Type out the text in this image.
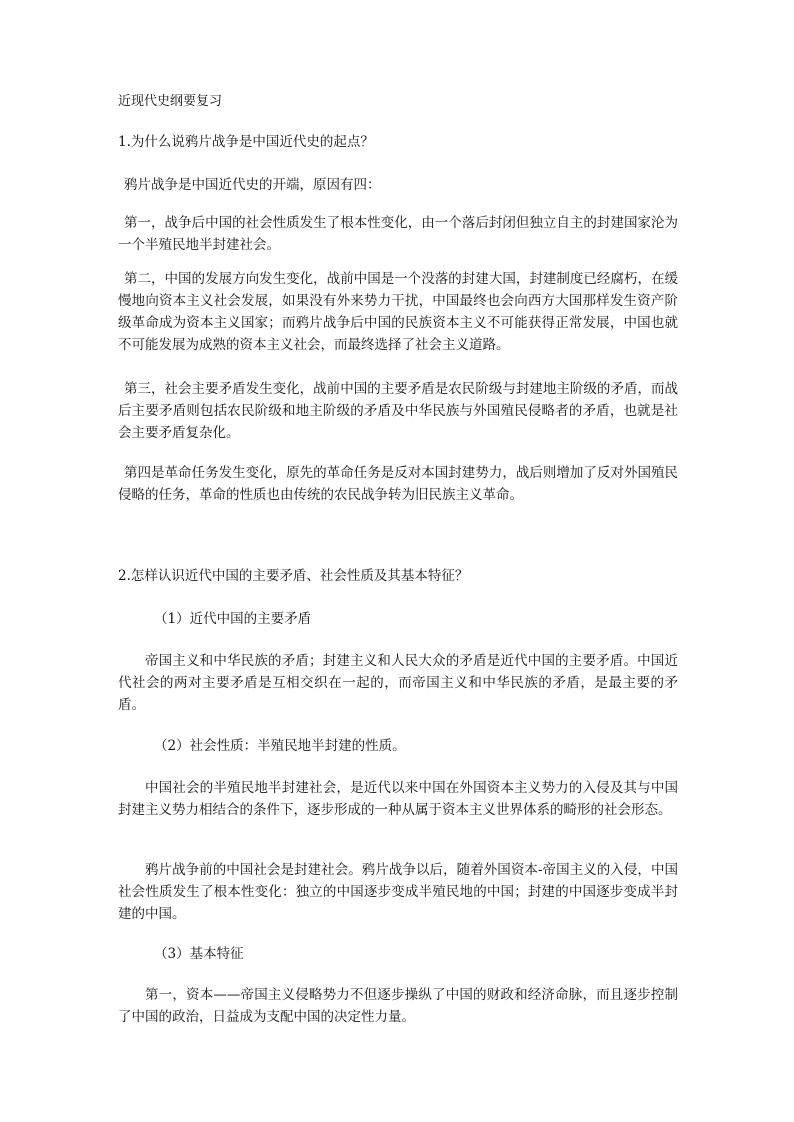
近现代史纲要复习

1.为什么说鸦片战争是中国近代史的起点？

鸦片战争是中国近代史的开端，原因有四：

第一，战争后中国的社会性质发生了根本性变化，由一个落后封闭但独立自主的封建国家沦为一个半殖民地半封建社会。

第二，中国的发展方向发生变化，战前中国是一个没落的封建大国，封建制度已经腐朽，在缓慢地向资本主义社会发展，如果没有外来势力干扰，中国最终也会向西方大国那样发生资产阶级革命成为资本主义国家；而鸦片战争后中国的民族资本主义不可能获得正常发展，中国也就不可能发展为成熟的资本主义社会，而最终选择了社会主义道路。

第三，社会主要矛盾发生变化，战前中国的主要矛盾是农民阶级与封建地主阶级的矛盾，而战后主要矛盾则包括农民阶级和地主阶级的矛盾及中华民族与外国殖民侵略者的矛盾，也就是社会主要矛盾复杂化。

第四是革命任务发生变化，原先的革命任务是反对本国封建势力，战后则增加了反对外国殖民侵略的任务，革命的性质也由传统的农民战争转为旧民族主义革命。

2.怎样认识近代中国的主要矛盾、社会性质及其基本特征？

（1）近代中国的主要矛盾

帝国主义和中华民族的矛盾；封建主义和人民大众的矛盾是近代中国的主要矛盾。中国近代社会的两对主要矛盾是互相交织在一起的，而帝国主义和中华民族的矛盾，是最主要的矛盾。

（2）社会性质：半殖民地半封建的性质。

中国社会的半殖民地半封建社会，是近代以来中国在外国资本主义势力的入侵及其与中国封建主义势力相结合的条件下，逐步形成的一种从属于资本主义世界体系的畸形的社会形态。

鸦片战争前的中国社会是封建社会。鸦片战争以后，随着外国资本-帝国主义的入侵，中国社会性质发生了根本性变化：独立的中国逐步变成半殖民地的中国；封建的中国逐步变成半封建的中国。

（3）基本特征

第一，资本——帝国主义侵略势力不但逐步操纵了中国的财政和经济命脉，而且逐步控制了中国的政治，日益成为支配中国的决定性力量。
